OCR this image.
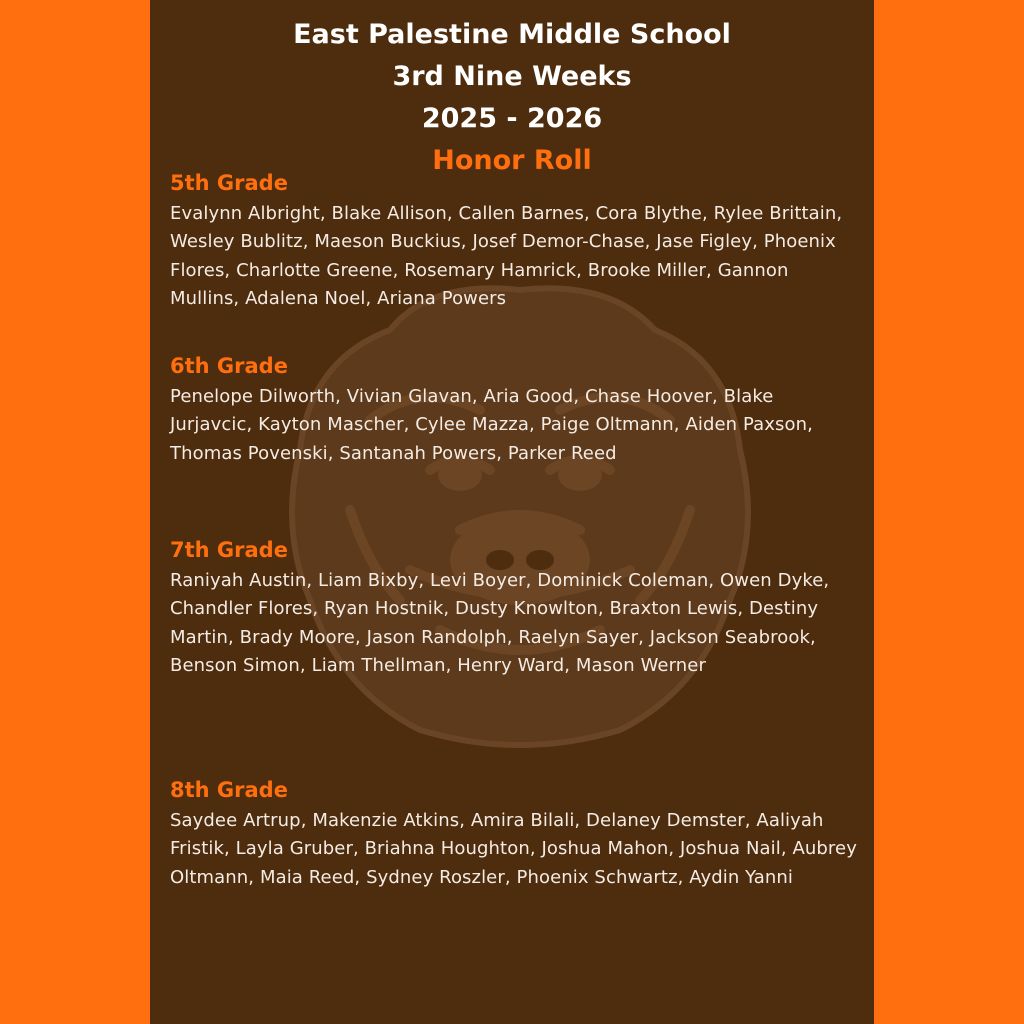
East Palestine Middle School
3rd Nine Weeks
2025 - 2026
Honor Roll
5th Grade

Evalynn Albright, Blake Allison, Callen Barnes, Cora Blythe, Rylee Brittain, Wesley Bublitz, Maeson Buckius, Josef Demor-Chase, Jase Figley, Phoenix Flores, Charlotte Greene, Rosemary Hamrick, Brooke Miller, Gannon Mullins, Adalena Noel, Ariana Powers

6th Grade

Penelope Dilworth, Vivian Glavan, Aria Good, Chase Hoover, Blake Jurjavcic, Kayton Mascher, Cylee Mazza, Paige Oltmann, Aiden Paxson, Thomas Povenski, Santanah Powers, Parker Reed

7th Grade

Raniyah Austin, Liam Bixby, Levi Boyer, Dominick Coleman, Owen Dyke, Chandler Flores, Ryan Hostnik, Dusty Knowlton, Braxton Lewis, Destiny Martin, Brady Moore, Jason Randolph, Raelyn Sayer, Jackson Seabrook, Benson Simon, Liam Thellman, Henry Ward, Mason Werner

8th Grade

Saydee Artrup, Makenzie Atkins, Amira Bilali, Delaney Demster, Aaliyah Fristik, Layla Gruber, Briahna Houghton, Joshua Mahon, Joshua Nail, Aubrey Oltmann, Maia Reed, Sydney Roszler, Phoenix Schwartz, Aydin Yanni
